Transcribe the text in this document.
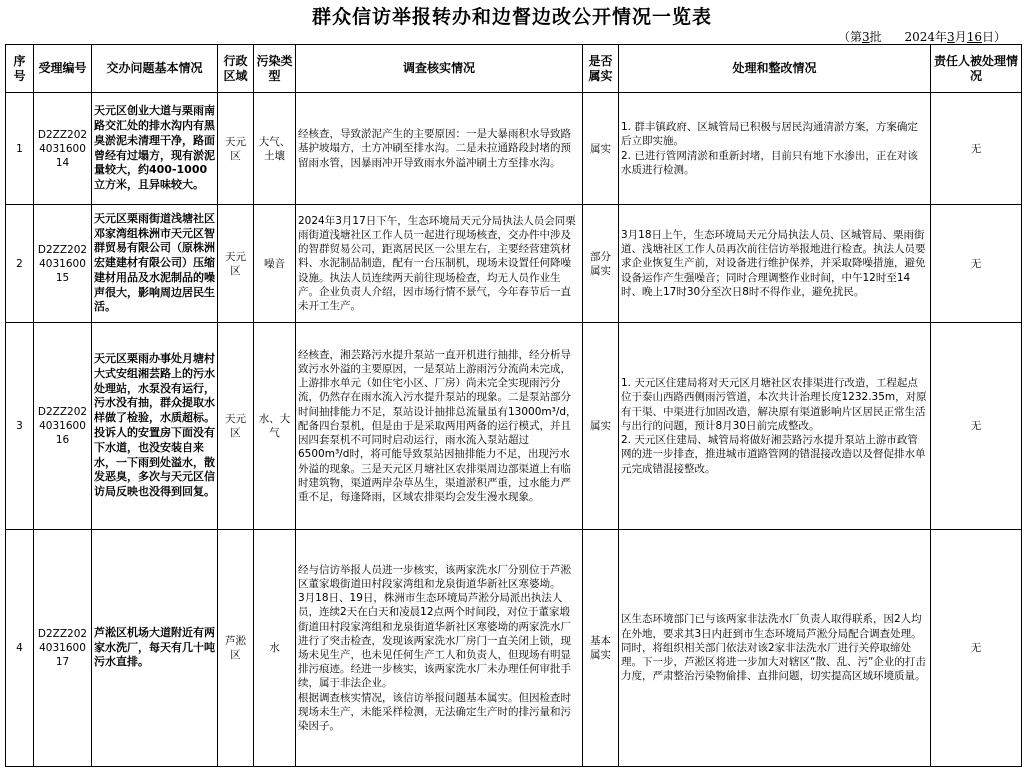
群众信访举报转办和边督边改公开情况一览表
（第3批 2024年3月16日）
序号	受理编号	交办问题基本情况	行政区域	污染类型	调查核实情况	是否属实	处理和整改情况	责任人被处理情况
1	D2ZZ202403160014	天元区创业大道与栗雨南路交汇处的排水沟内有黑臭淤泥未清理干净，路面曾经有过塌方，现有淤泥量较大，约400-1000立方米，且异味较大。	天元区	大气、土壤	经核查，导致淤泥产生的主要原因：一是大暴雨积水导致路基护坡塌方，土方冲刷至排水沟。二是未拉通路段封堵的预留雨水管，因暴雨冲开导致雨水外溢冲刷土方至排水沟。	属实	1. 群丰镇政府、区城管局已积极与居民沟通清淤方案，方案确定后立即实施。
2. 已进行管网清淤和重新封堵，目前只有地下水渗出，正在对该水质进行检测。	无
2	D2ZZ202403160015	天元区栗雨街道浅塘社区邓家湾组株洲市天元区智群贸易有限公司（原株洲宏建建材有限公司）压缩建材用品及水泥制品的噪声很大，影响周边居民生活。	天元区	噪音	2024年3月17日下午，生态环境局天元分局执法人员会同栗雨街道浅塘社区工作人员一起进行现场核查，交办件中涉及的智群贸易公司，距离居民区一公里左右，主要经营建筑材料、水泥制品制造，配有一台压制机，现场未设置任何降噪设施。执法人员连续两天前往现场检查，均无人员作业生产。企业负责人介绍，因市场行情不景气，今年春节后一直未开工生产。	部分属实	3月18日上午，生态环境局天元分局执法人员、区城管局、栗雨街道、浅塘社区工作人员再次前往信访举报地进行检查。执法人员要求企业恢复生产前，对设备进行维护保养，并采取降噪措施，避免设备运作产生强噪音；同时合理调整作业时间，中午12时至14时、晚上17时30分至次日8时不得作业，避免扰民。	无
3	D2ZZ202403160016	天元区栗雨办事处月塘村大式安组湘芸路上的污水处理站，水泵没有运行，污水没有抽，群众提取水样做了检验，水质超标。投诉人的安置房下面没有下水道，也没安装自来水，一下雨到处溢水，散发恶臭，多次与天元区信访局反映也没得到回复。	天元区	水、大气	经核查，湘芸路污水提升泵站一直开机进行抽排，经分析导致污水外溢的主要原因，一是泵站上游雨污分流尚未完成，上游排水单元（如住宅小区、厂房）尚未完全实现雨污分流，仍然存在雨水流入污水提升泵站的现象。二是泵站部分时间抽排能力不足，泵站设计抽排总流量虽有13000m³/d，配备四台泵机，但是由于是采取两用两备的运行模式，并且因四套泵机不可同时启动运行，雨水流入泵站超过6500m³/d时，将可能导致泵站因抽排能力不足，出现污水外溢的现象。三是天元区月塘社区农排渠周边部渠道上有临时建筑物，渠道两岸杂草丛生，渠道淤积严重，过水能力严重不足，每逢降雨，区域农排渠均会发生漫水现象。	属实	1. 天元区住建局将对天元区月塘社区农排渠进行改造，工程起点位于泰山西路西侧雨污管道，本次共计治理长度1232.35m，对原有干渠、中渠进行加固改造，解决原有渠道影响片区居民正常生活与出行的问题，预计8月30日前完成整改。
2. 天元区住建局、城管局将做好湘芸路污水提升泵站上游市政管网的进一步排查，推进城市道路管网的错混接改造以及督促排水单元完成错混接整改。	无
4	D2ZZ202403160017	芦淞区机场大道附近有两家水洗厂，每天有几十吨污水直排。	芦淞区	水	经与信访举报人员进一步核实，该两家洗水厂分别位于芦淞区董家塅街道田村段家湾组和龙泉街道华新社区寒婆坳。
3月18日、19日，株洲市生态环境局芦淞分局派出执法人员，连续2天在白天和凌晨12点两个时间段，对位于董家塅街道田村段家湾组和龙泉街道华新社区寒婆坳的两家洗水厂进行了突击检查，发现该两家洗水厂房门一直关闭上锁，现场未见生产，也未见任何生产工人和负责人，但现场有明显排污痕迹。经进一步核实，该两家洗水厂未办理任何审批手续，属于非法企业。
根据调查核实情况，该信访举报问题基本属实。但因检查时现场未生产，未能采样检测，无法确定生产时的排污量和污染因子。	基本属实	区生态环境部门已与该两家非法洗水厂负责人取得联系，因2人均在外地，要求其3日内赶到市生态环境局芦淞分局配合调查处理。同时，将组织相关部门依法对该2家非法洗水厂进行关停取缔处理。下一步，芦淞区将进一步加大对辖区“散、乱、污”企业的打击力度，严肃整治污染物偷排、直排问题，切实提高区域环境质量。	无
